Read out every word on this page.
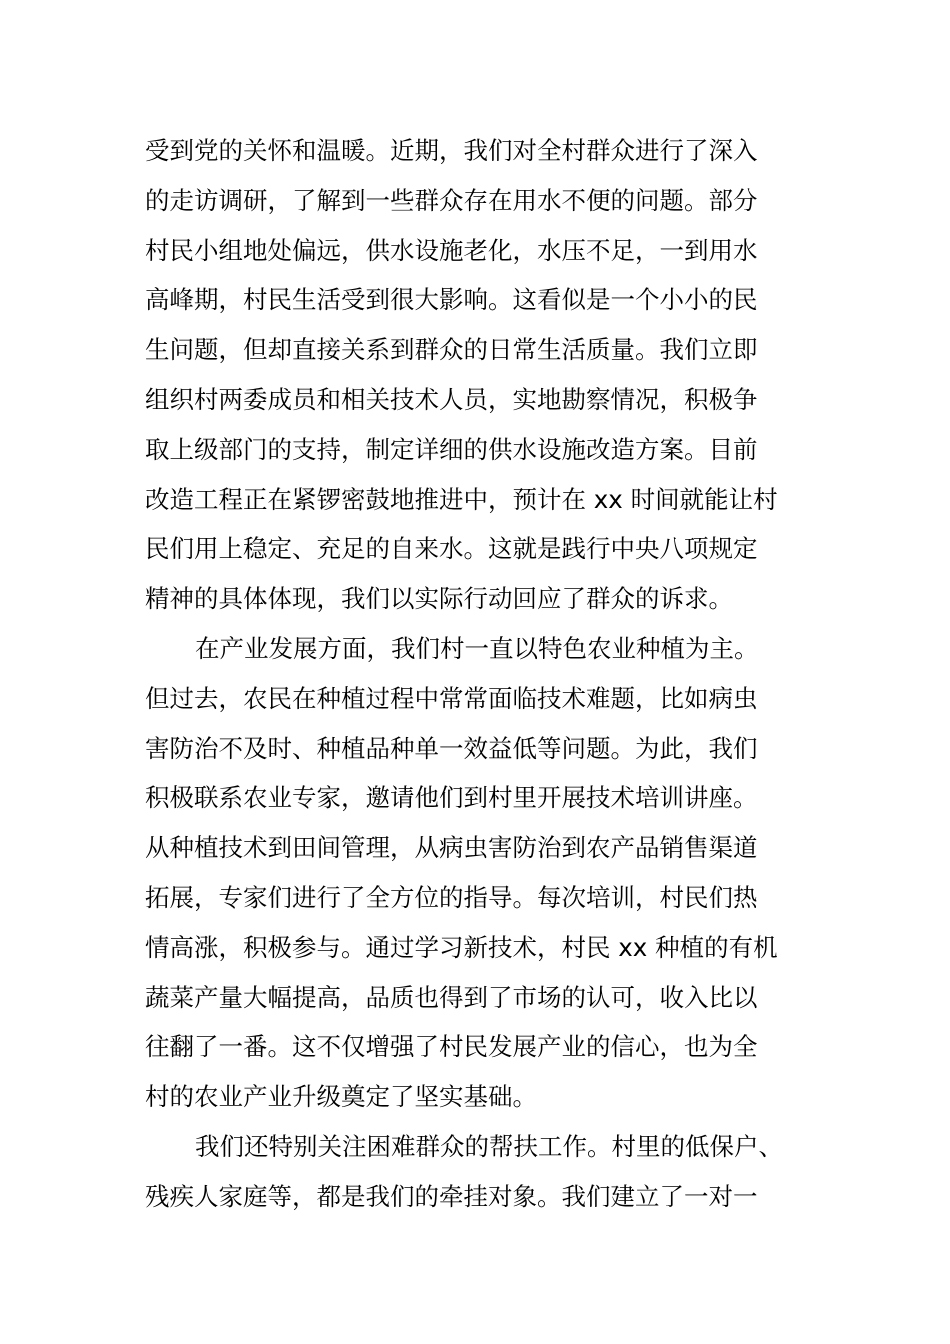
受到党的关怀和温暖。近期，我们对全村群众进行了深入
的走访调研，了解到一些群众存在用水不便的问题。部分
村民小组地处偏远，供水设施老化，水压不足，一到用水
高峰期，村民生活受到很大影响。这看似是一个小小的民
生问题，但却直接关系到群众的日常生活质量。我们立即
组织村两委成员和相关技术人员，实地勘察情况，积极争
取上级部门的支持，制定详细的供水设施改造方案。目前
改造工程正在紧锣密鼓地推进中，预计在 xx 时间就能让村
民们用上稳定、充足的自来水。这就是践行中央八项规定
精神的具体体现，我们以实际行动回应了群众的诉求。
在产业发展方面，我们村一直以特色农业种植为主。
但过去，农民在种植过程中常常面临技术难题，比如病虫
害防治不及时、种植品种单一效益低等问题。为此，我们
积极联系农业专家，邀请他们到村里开展技术培训讲座。
从种植技术到田间管理，从病虫害防治到农产品销售渠道
拓展，专家们进行了全方位的指导。每次培训，村民们热
情高涨，积极参与。通过学习新技术，村民 xx 种植的有机
蔬菜产量大幅提高，品质也得到了市场的认可，收入比以
往翻了一番。这不仅增强了村民发展产业的信心，也为全
村的农业产业升级奠定了坚实基础。
我们还特别关注困难群众的帮扶工作。村里的低保户、
残疾人家庭等，都是我们的牵挂对象。我们建立了一对一
